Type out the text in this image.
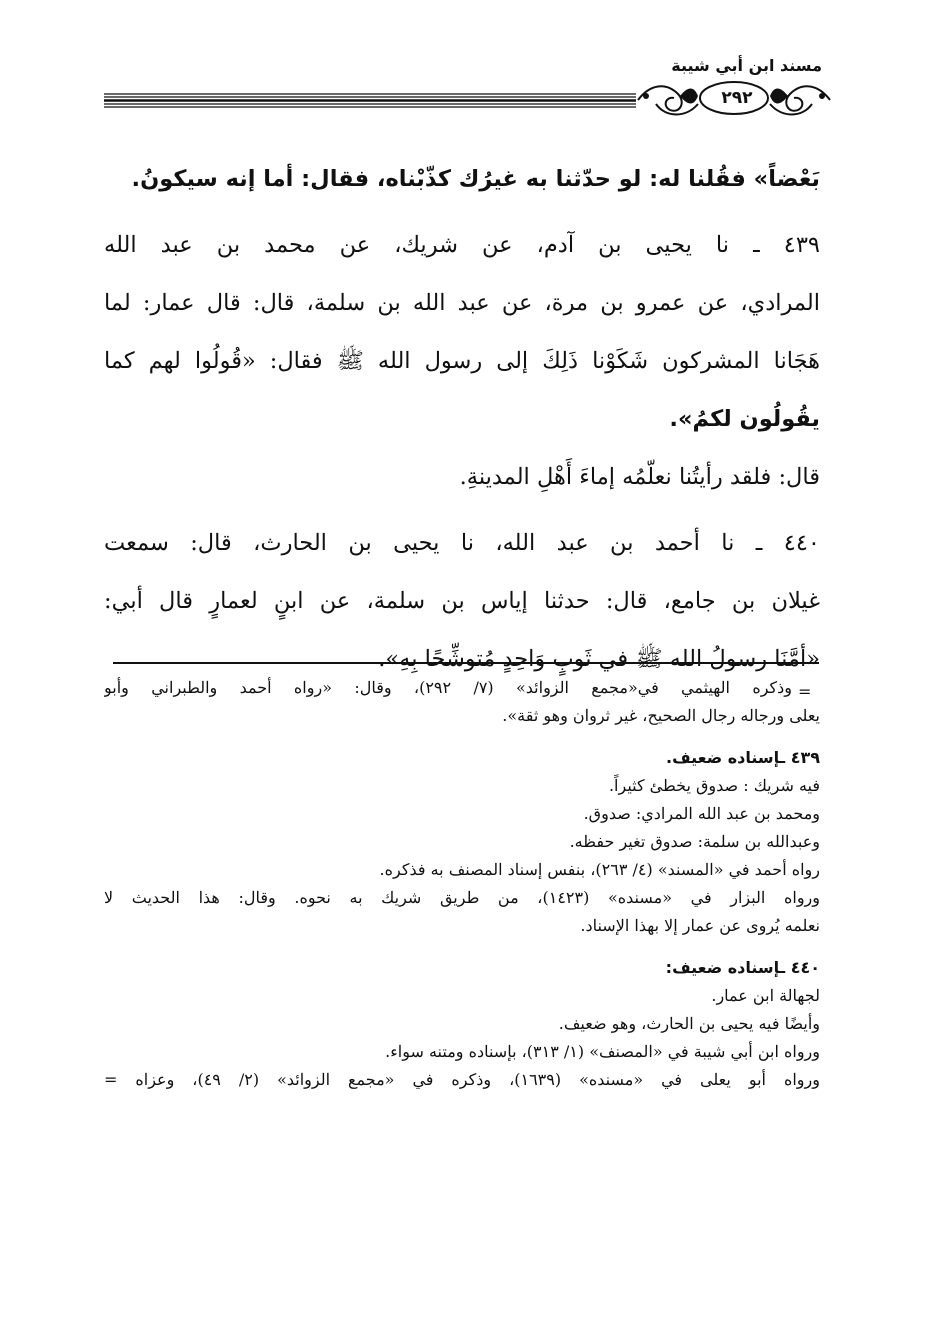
مسند ابن أبي شيبة
٢٩٢
بَعْضاً» فقُلنا له: لو حدّثنا به غيرُك كذّبْناه، فقال: أما إنه سيكونُ.
٤٣٩ ـ نا يحيى بن آدم، عن شريك، عن محمد بن عبد الله
المرادي، عن عمرو بن مرة، عن عبد الله بن سلمة، قال: قال عمار: لما
هَجَانا المشركون شَكَوْنا ذَلِكَ إلى رسول الله ﷺ فقال: «قُولُوا لهم كما
يقُولُون لكمُ».
قال: فلقد رأيتُنا نعلّمُه إماءَ أَهْلِ المدينةِ.
٤٤٠ ـ نا أحمد بن عبد الله، نا يحيى بن الحارث، قال: سمعت
غيلان بن جامع، قال: حدثنا إياس بن سلمة، عن ابنٍ لعمارٍ قال أبي:
«أمَّنَا رسولُ الله ﷺ في ثَوبٍ وَاحِدٍ مُتوشِّحًا بِهِ».
=
وذكره الهيثمي في«مجمع الزوائد» (٧/ ٢٩٢)، وقال: «رواه أحمد والطبراني وأبو
يعلى ورجاله رجال الصحيح، غير ثروان وهو ثقة».
٤٣٩ ـإسناده ضعيف.
فيه شريك : صدوق يخطئ كثيراً.
ومحمد بن عبد الله المرادي: صدوق.
وعبدالله بن سلمة: صدوق تغير حفظه.
رواه أحمد في «المسند» (٤/ ٢٦٣)، بنفس إسناد المصنف به فذكره.
ورواه البزار في «مسنده» (١٤٢٣)، من طريق شريك به نحوه. وقال: هذا الحديث لا
نعلمه يُروى عن عمار إلا بهذا الإسناد.
٤٤٠ ـإسناده ضعيف:
لجهالة ابن عمار.
وأيضًا فيه يحيى بن الحارث، وهو ضعيف.
ورواه ابن أبي شيبة في «المصنف» (١/ ٣١٣)، بإسناده ومتنه سواء.
ورواه أبو يعلى في «مسنده» (١٦٣٩)، وذكره في «مجمع الزوائد» (٢/ ٤٩)، وعزاه =
